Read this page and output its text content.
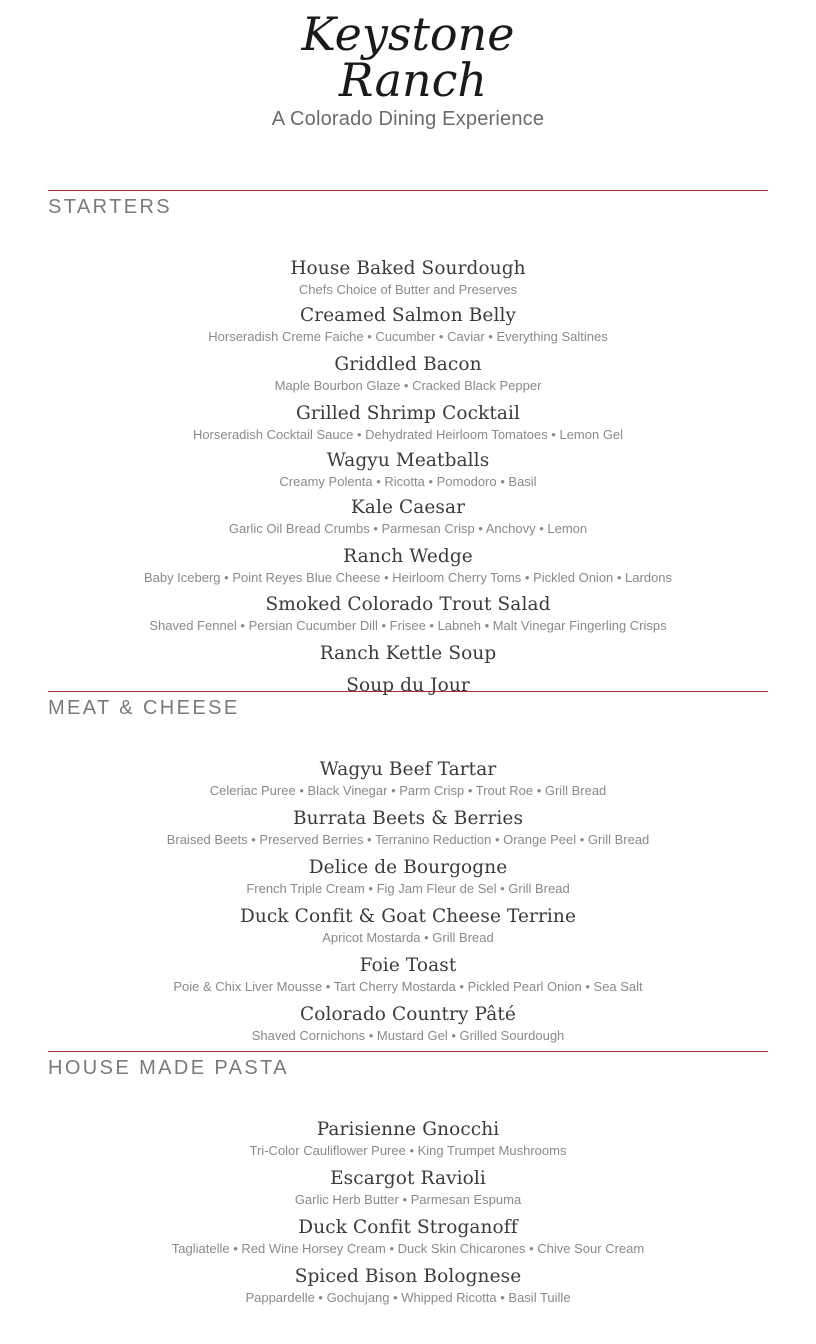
Keystone
Ranch
A Colorado Dining Experience
STARTERS
House Baked Sourdough
Chefs Choice of Butter and Preserves
Creamed Salmon Belly
Horseradish Creme Faiche • Cucumber • Caviar • Everything Saltines
Griddled Bacon
Maple Bourbon Glaze • Cracked Black Pepper
Grilled Shrimp Cocktail
Horseradish Cocktail Sauce • Dehydrated Heirloom Tomatoes • Lemon Gel
Wagyu Meatballs
Creamy Polenta • Ricotta • Pomodoro • Basil
Kale Caesar
Garlic Oil Bread Crumbs • Parmesan Crisp • Anchovy • Lemon
Ranch Wedge
Baby Iceberg • Point Reyes Blue Cheese • Heirloom Cherry Toms • Pickled Onion • Lardons
Smoked Colorado Trout Salad
Shaved Fennel • Persian Cucumber Dill • Frisee • Labneh • Malt Vinegar Fingerling Crisps
Ranch Kettle Soup
Soup du Jour
MEAT & CHEESE
Wagyu Beef Tartar
Celeriac Puree • Black Vinegar • Parm Crisp • Trout Roe • Grill Bread
Burrata Beets & Berries
Braised Beets • Preserved Berries • Terranino Reduction • Orange Peel • Grill Bread
Delice de Bourgogne
French Triple Cream • Fig Jam Fleur de Sel • Grill Bread
Duck Confit & Goat Cheese Terrine
Apricot Mostarda • Grill Bread
Foie Toast
Poie & Chix Liver Mousse • Tart Cherry Mostarda • Pickled Pearl Onion • Sea Salt
Colorado Country Pâté
Shaved Cornichons • Mustard Gel • Grilled Sourdough
HOUSE MADE PASTA
Parisienne Gnocchi
Tri-Color Cauliflower Puree • King Trumpet Mushrooms
Escargot Ravioli
Garlic Herb Butter • Parmesan Espuma
Duck Confit Stroganoff
Tagliatelle • Red Wine Horsey Cream • Duck Skin Chicarones • Chive Sour Cream
Spiced Bison Bolognese
Pappardelle • Gochujang • Whipped Ricotta • Basil Tuille
